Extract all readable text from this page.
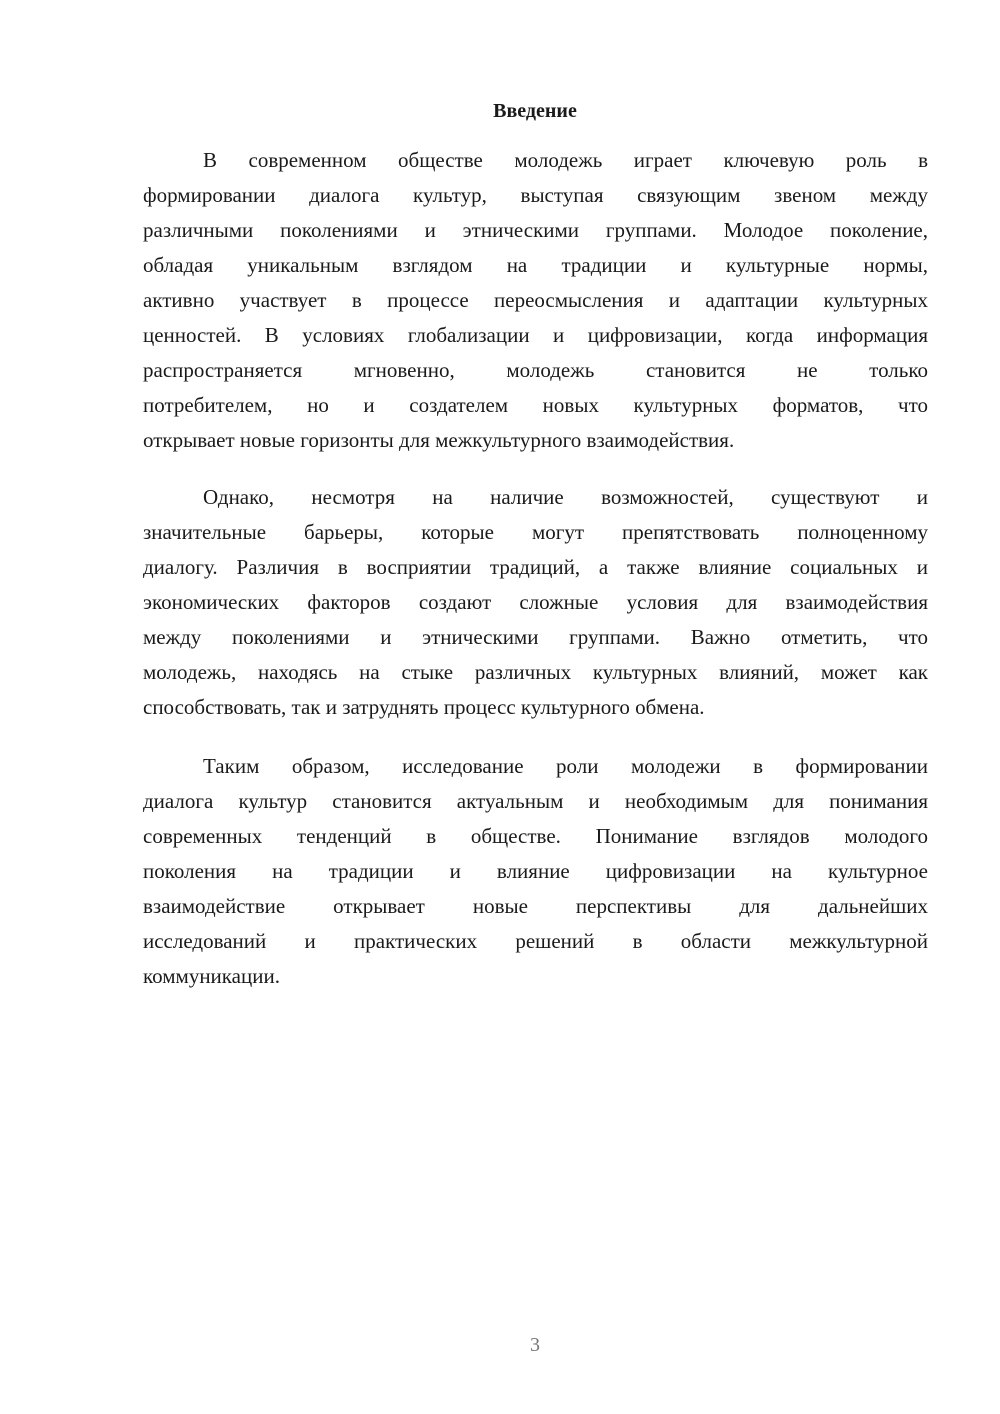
Введение
В современном обществе молодежь играет ключевую роль в
формировании диалога культур, выступая связующим звеном между
различными поколениями и этническими группами. Молодое поколение,
обладая уникальным взглядом на традиции и культурные нормы,
активно участвует в процессе переосмысления и адаптации культурных
ценностей. В условиях глобализации и цифровизации, когда информация
распространяется мгновенно, молодежь становится не только
потребителем, но и создателем новых культурных форматов, что
открывает новые горизонты для межкультурного взаимодействия.
Однако, несмотря на наличие возможностей, существуют и
значительные барьеры, которые могут препятствовать полноценному
диалогу. Различия в восприятии традиций, а также влияние социальных и
экономических факторов создают сложные условия для взаимодействия
между поколениями и этническими группами. Важно отметить, что
молодежь, находясь на стыке различных культурных влияний, может как
способствовать, так и затруднять процесс культурного обмена.
Таким образом, исследование роли молодежи в формировании
диалога культур становится актуальным и необходимым для понимания
современных тенденций в обществе. Понимание взглядов молодого
поколения на традиции и влияние цифровизации на культурное
взаимодействие открывает новые перспективы для дальнейших
исследований и практических решений в области межкультурной
коммуникации.
3
